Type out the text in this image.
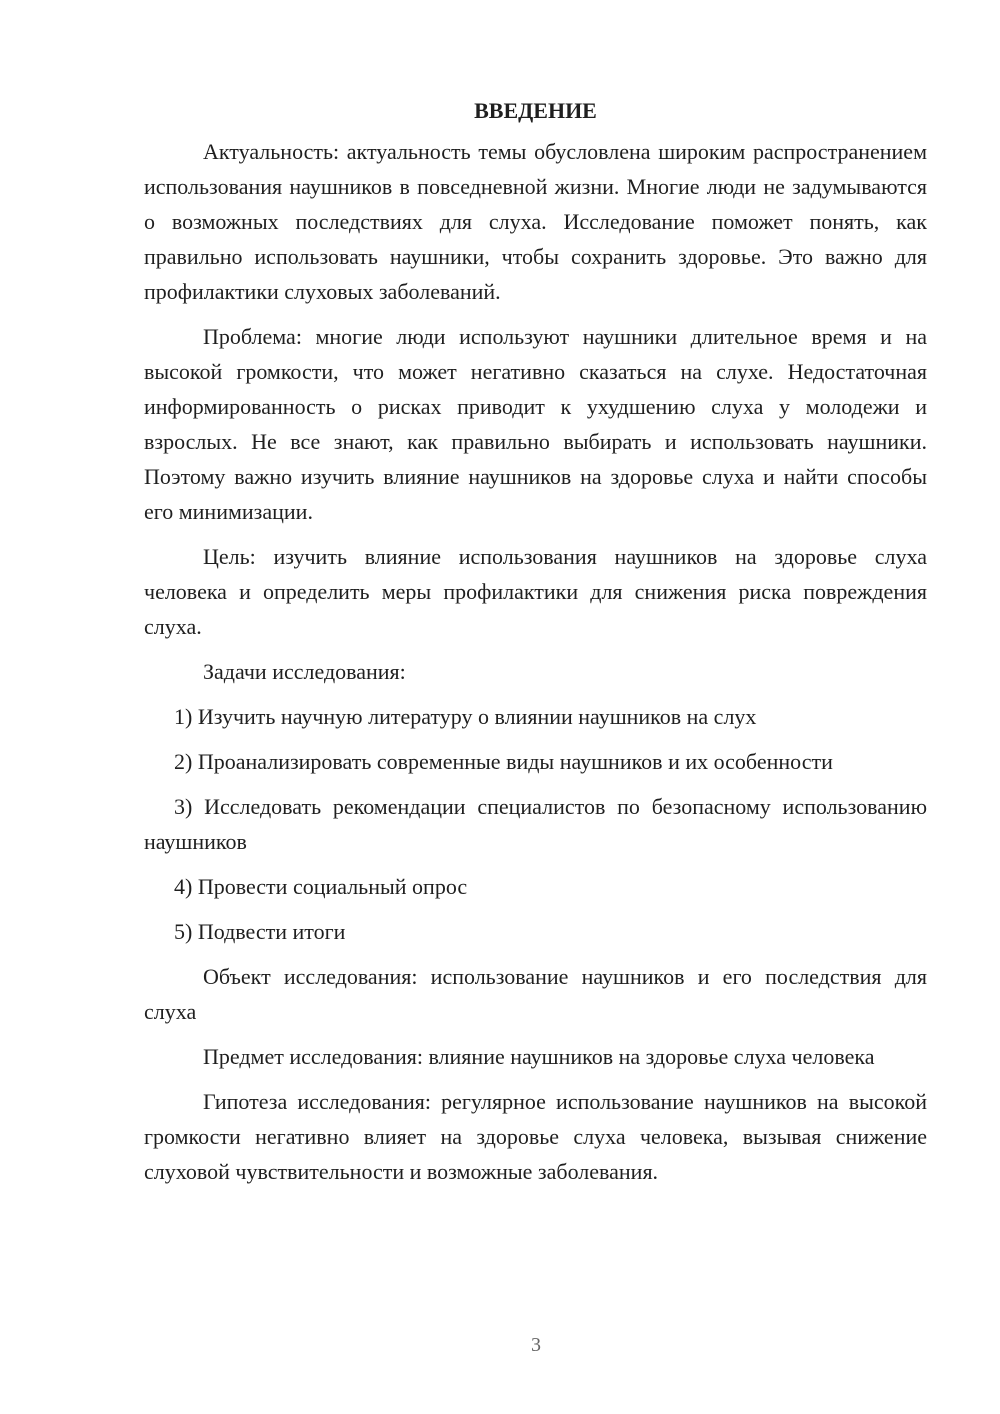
ВВЕДЕНИЕ

Актуальность: актуальность темы обусловлена широким распространением использования наушников в повседневной жизни. Многие люди не задумываются о возможных последствиях для слуха. Исследование поможет понять, как правильно использовать наушники, чтобы сохранить здоровье. Это важно для профилактики слуховых заболеваний.

Проблема: многие люди используют наушники длительное время и на высокой громкости, что может негативно сказаться на слухе. Недостаточная информированность о рисках приводит к ухудшению слуха у молодежи и взрослых. Не все знают, как правильно выбирать и использовать наушники. Поэтому важно изучить влияние наушников на здоровье слуха и найти способы его минимизации.

Цель: изучить влияние использования наушников на здоровье слуха человека и определить меры профилактики для снижения риска повреждения слуха.

Задачи исследования:

1) Изучить научную литературу о влиянии наушников на слух

2) Проанализировать современные виды наушников и их особенности

3) Исследовать рекомендации специалистов по безопасному использованию наушников

4) Провести социальный опрос

5) Подвести итоги

Объект исследования: использование наушников и его последствия для слуха

Предмет исследования: влияние наушников на здоровье слуха человека

Гипотеза исследования: регулярное использование наушников на высокой громкости негативно влияет на здоровье слуха человека, вызывая снижение слуховой чувствительности и возможные заболевания.

3
